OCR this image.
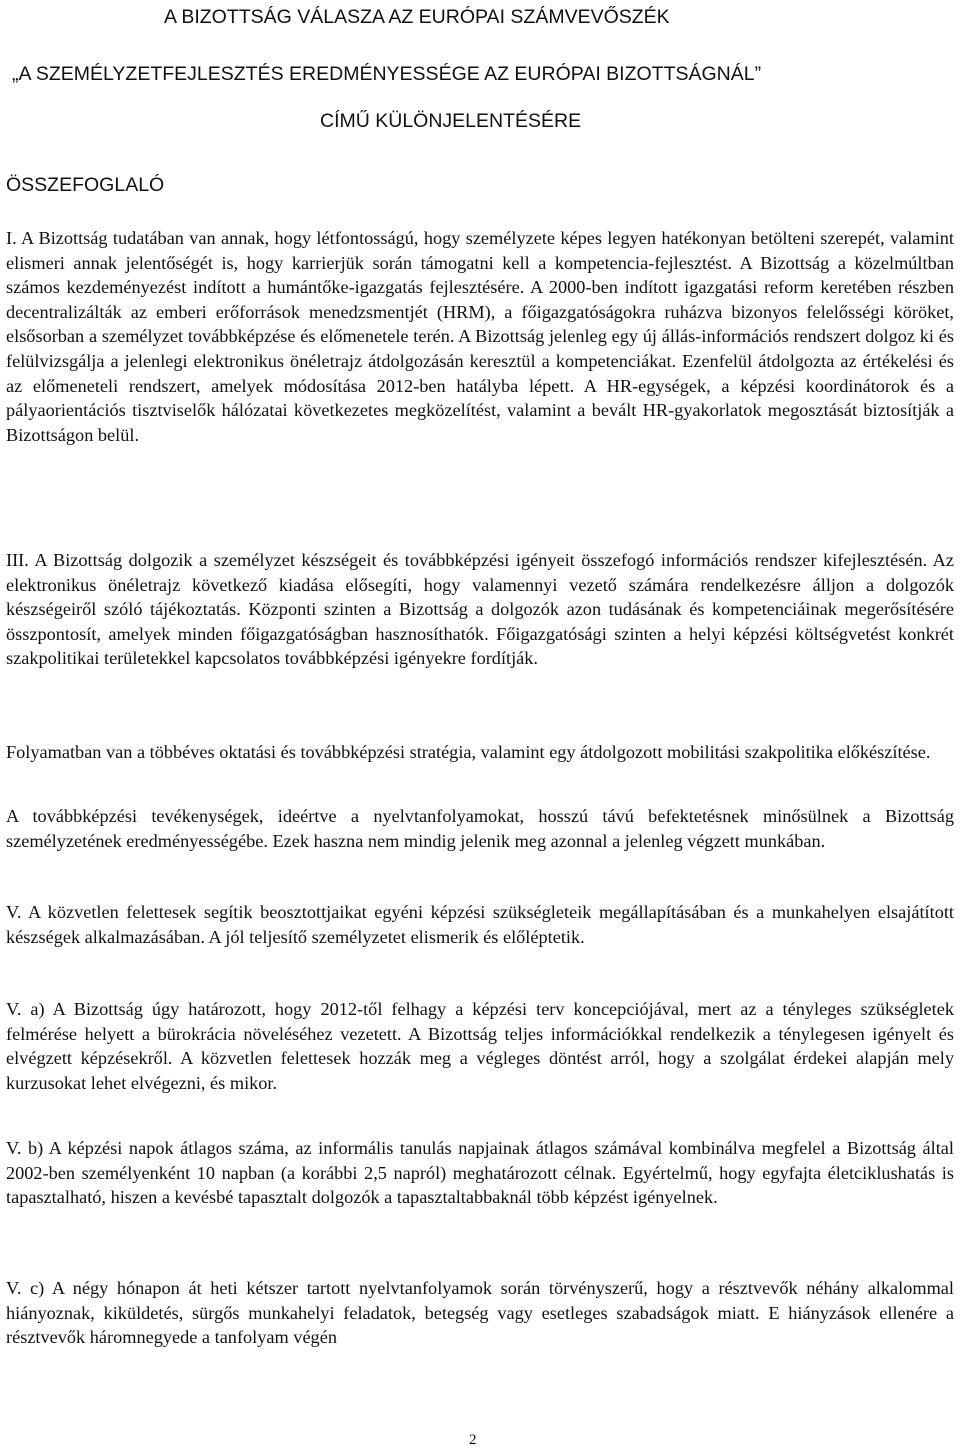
A BIZOTTSÁG VÁLASZA AZ EURÓPAI SZÁMVEVŐSZÉK
„A SZEMÉLYZETFEJLESZTÉS EREDMÉNYESSÉGE AZ EURÓPAI BIZOTTSÁGNÁL”
CÍMŰ KÜLÖNJELENTÉSÉRE
ÖSSZEFOGLALÓ

I. A Bizottság tudatában van annak, hogy létfontosságú, hogy személyzete képes legyen hatékonyan betölteni szerepét, valamint elismeri annak jelentőségét is, hogy karrierjük során támogatni kell a kompetencia-fejlesztést. A Bizottság a közelmúltban számos kezdeményezést indított a humántőke-igazgatás fejlesztésére. A 2000-ben indított igazgatási reform keretében részben decentralizálták az emberi erőforrások menedzsmentjét (HRM), a főigazgatóságokra ruházva bizonyos felelősségi köröket, elsősorban a személyzet továbbképzése és előmenetele terén. A Bizottság jelenleg egy új állás-információs rendszert dolgoz ki és felülvizsgálja a jelenlegi elektronikus önéletrajz átdolgozásán keresztül a kompetenciákat. Ezenfelül átdolgozta az értékelési és az előmeneteli rendszert, amelyek módosítása 2012-ben hatályba lépett. A HR-egységek, a képzési koordinátorok és a pályaorientációs tisztviselők hálózatai következetes megközelítést, valamint a bevált HR-gyakorlatok megosztását biztosítják a Bizottságon belül.

III. A Bizottság dolgozik a személyzet készségeit és továbbképzési igényeit összefogó információs rendszer kifejlesztésén. Az elektronikus önéletrajz következő kiadása elősegíti, hogy valamennyi vezető számára rendelkezésre álljon a dolgozók készségeiről szóló tájékoztatás. Központi szinten a Bizottság a dolgozók azon tudásának és kompetenciáinak megerősítésére összpontosít, amelyek minden főigazgatóságban hasznosíthatók. Főigazgatósági szinten a helyi képzési költségvetést konkrét szakpolitikai területekkel kapcsolatos továbbképzési igényekre fordítják.

Folyamatban van a többéves oktatási és továbbképzési stratégia, valamint egy átdolgozott mobilitási szakpolitika előkészítése.

A továbbképzési tevékenységek, ideértve a nyelvtanfolyamokat, hosszú távú befektetésnek minősülnek a Bizottság személyzetének eredményességébe. Ezek haszna nem mindig jelenik meg azonnal a jelenleg végzett munkában.

V. A közvetlen felettesek segítik beosztottjaikat egyéni képzési szükségleteik megállapításában és a munkahelyen elsajátított készségek alkalmazásában. A jól teljesítő személyzetet elismerik és előléptetik.

V. a) A Bizottság úgy határozott, hogy 2012-től felhagy a képzési terv koncepciójával, mert az a tényleges szükségletek felmérése helyett a bürokrácia növeléséhez vezetett. A Bizottság teljes információkkal rendelkezik a ténylegesen igényelt és elvégzett képzésekről. A közvetlen felettesek hozzák meg a végleges döntést arról, hogy a szolgálat érdekei alapján mely kurzusokat lehet elvégezni, és mikor.

V. b) A képzési napok átlagos száma, az informális tanulás napjainak átlagos számával kombinálva megfelel a Bizottság által 2002-ben személyenként 10 napban (a korábbi 2,5 napról) meghatározott célnak. Egyértelmű, hogy egyfajta életciklushatás is tapasztalható, hiszen a kevésbé tapasztalt dolgozók a tapasztaltabbaknál több képzést igényelnek.

V. c) A négy hónapon át heti kétszer tartott nyelvtanfolyamok során törvényszerű, hogy a résztvevők néhány alkalommal hiányoznak, kiküldetés, sürgős munkahelyi feladatok, betegség vagy esetleges szabadságok miatt. E hiányzások ellenére a résztvevők háromnegyede a tanfolyam végén

2
